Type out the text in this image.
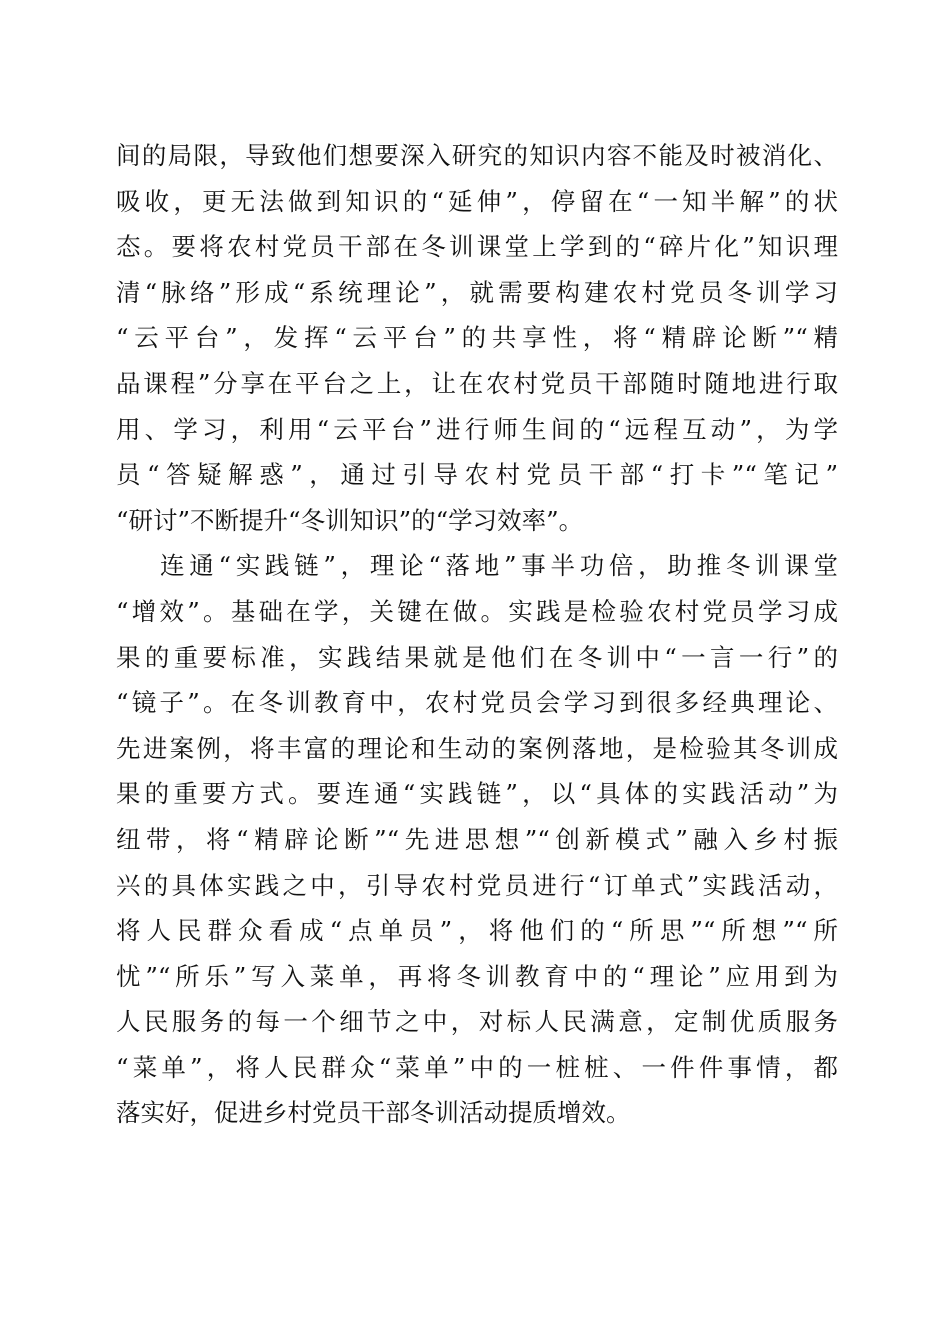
间的局限，导致他们想要深入研究的知识内容不能及时被消化、
吸收，更无法做到知识的“延伸”，停留在“一知半解”的状
态。要将农村党员干部在冬训课堂上学到的“碎片化”知识理
清“脉络”形成“系统理论”，就需要构建农村党员冬训学习
“云平台”，发挥“云平台”的共享性，将“精辟论断”“精
品课程”分享在平台之上，让在农村党员干部随时随地进行取
用、学习，利用“云平台”进行师生间的“远程互动”，为学
员“答疑解惑”，通过引导农村党员干部“打卡”“笔记”
“研讨”不断提升“冬训知识”的“学习效率”。
连通“实践链”，理论“落地”事半功倍，助推冬训课堂
“增效”。基础在学，关键在做。实践是检验农村党员学习成
果的重要标准，实践结果就是他们在冬训中“一言一行”的
“镜子”。在冬训教育中，农村党员会学习到很多经典理论、
先进案例，将丰富的理论和生动的案例落地，是检验其冬训成
果的重要方式。要连通“实践链”，以“具体的实践活动”为
纽带，将“精辟论断”“先进思想”“创新模式”融入乡村振
兴的具体实践之中，引导农村党员进行“订单式”实践活动，
将人民群众看成“点单员”，将他们的“所思”“所想”“所
忧”“所乐”写入菜单，再将冬训教育中的“理论”应用到为
人民服务的每一个细节之中，对标人民满意，定制优质服务
“菜单”，将人民群众“菜单”中的一桩桩、一件件事情，都
落实好，促进乡村党员干部冬训活动提质增效。
